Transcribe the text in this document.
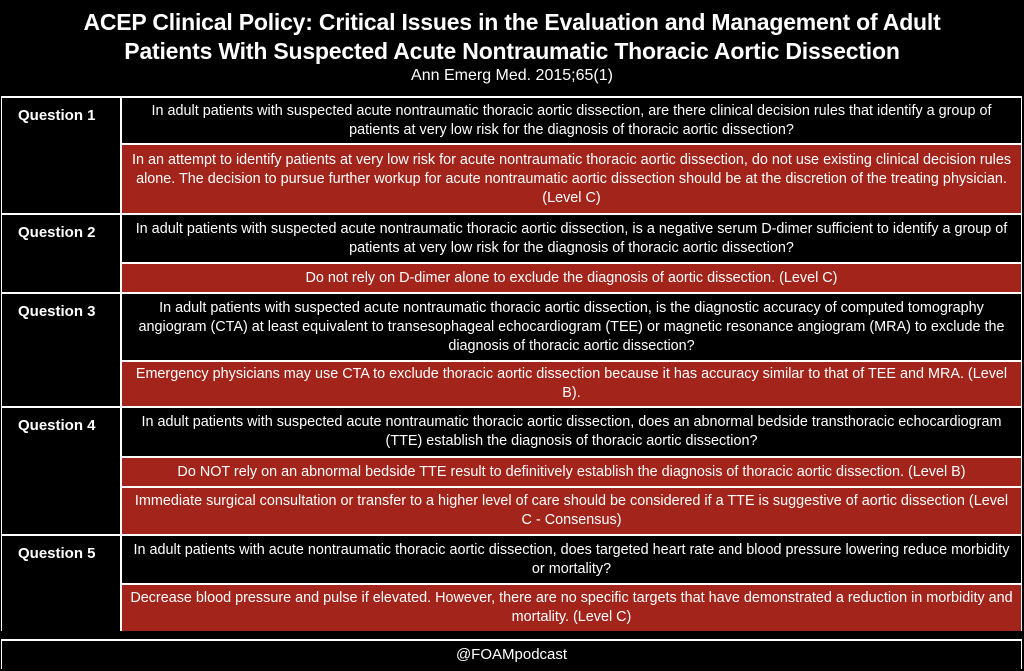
ACEP Clinical Policy: Critical Issues in the Evaluation and Management of Adult
Patients With Suspected Acute Nontraumatic Thoracic Aortic Dissection
Ann Emerg Med. 2015;65(1)
Question 1	In adult patients with suspected acute nontraumatic thoracic aortic dissection, are there clinical decision rules that identify a group of patients at very low risk for the diagnosis of thoracic aortic dissection?
In an attempt to identify patients at very low risk for acute nontraumatic thoracic aortic dissection, do not use existing clinical decision rules alone. The decision to pursue further workup for acute nontraumatic aortic dissection should be at the discretion of the treating physician. (Level C)
Question 2	In adult patients with suspected acute nontraumatic thoracic aortic dissection, is a negative serum D-dimer sufficient to identify a group of patients at very low risk for the diagnosis of thoracic aortic dissection?
Do not rely on D-dimer alone to exclude the diagnosis of aortic dissection. (Level C)
Question 3	In adult patients with suspected acute nontraumatic thoracic aortic dissection, is the diagnostic accuracy of computed tomography angiogram (CTA) at least equivalent to transesophageal echocardiogram (TEE) or magnetic resonance angiogram (MRA) to exclude the diagnosis of thoracic aortic dissection?
Emergency physicians may use CTA to exclude thoracic aortic dissection because it has accuracy similar to that of TEE and MRA. (Level B).
Question 4	In adult patients with suspected acute nontraumatic thoracic aortic dissection, does an abnormal bedside transthoracic echocardiogram (TTE) establish the diagnosis of thoracic aortic dissection?
Do NOT rely on an abnormal bedside TTE result to definitively establish the diagnosis of thoracic aortic dissection. (Level B)
Immediate surgical consultation or transfer to a higher level of care should be considered if a TTE is suggestive of aortic dissection (Level C - Consensus)
Question 5	In adult patients with acute nontraumatic thoracic aortic dissection, does targeted heart rate and blood pressure lowering reduce morbidity or mortality?
Decrease blood pressure and pulse if elevated. However, there are no specific targets that have demonstrated a reduction in morbidity and mortality. (Level C)
@FOAMpodcast
